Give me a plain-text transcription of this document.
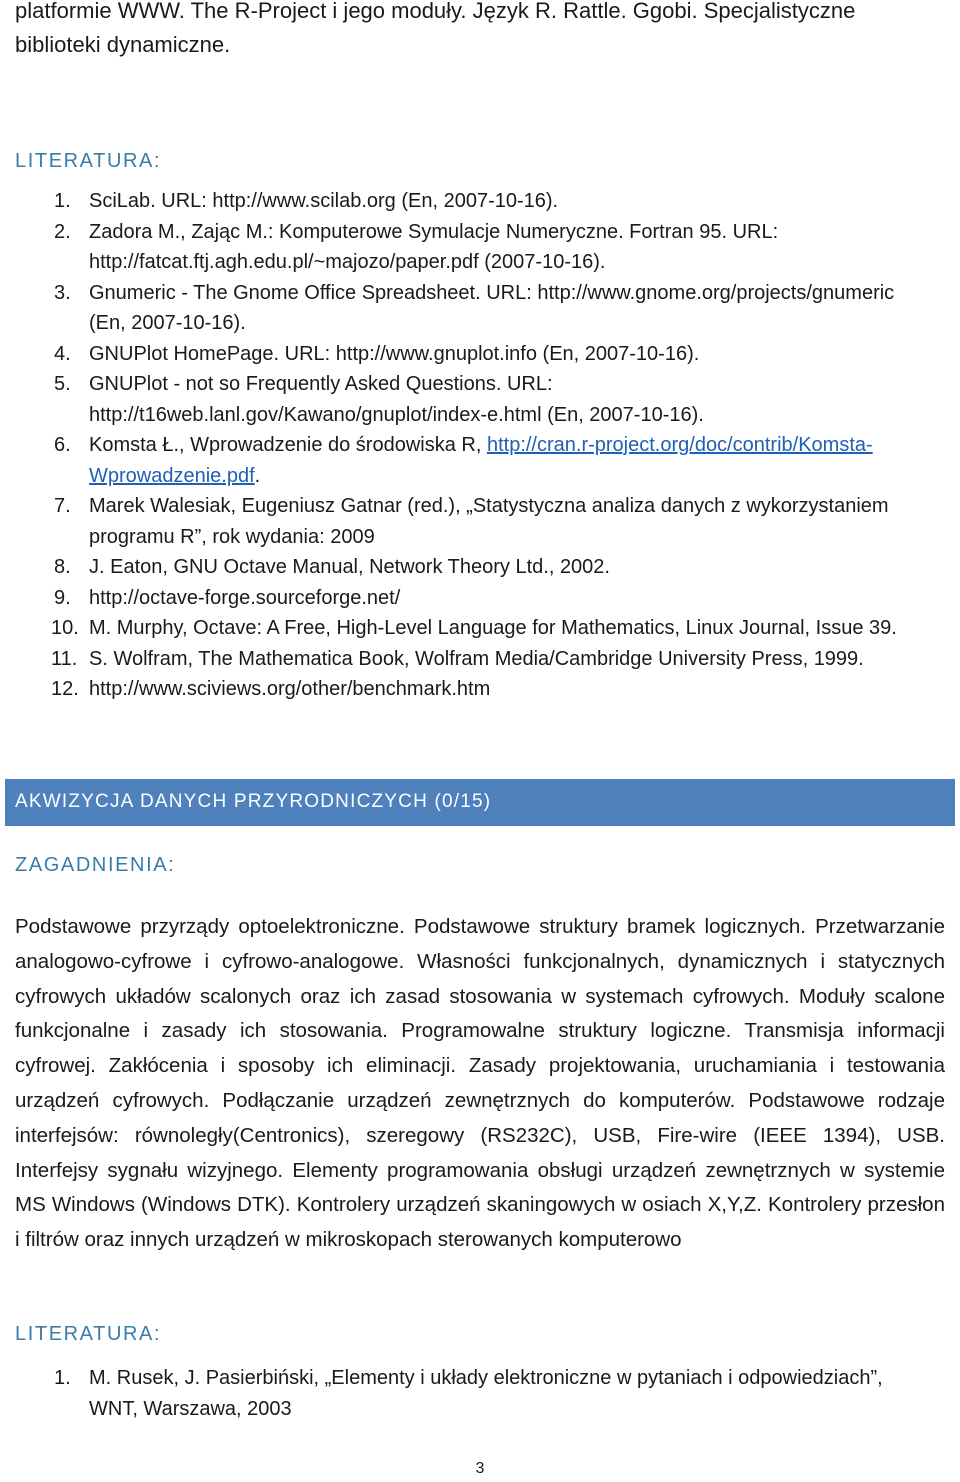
platformie WWW. The R-Project i jego moduły. Język R. Rattle. Ggobi. Specjalistyczne biblioteki dynamiczne.
LITERATURA:
1. SciLab. URL: http://www.scilab.org (En, 2007-10-16).
2. Zadora M., Zając M.: Komputerowe Symulacje Numeryczne. Fortran 95. URL: http://fatcat.ftj.agh.edu.pl/~majozo/paper.pdf (2007-10-16).
3. Gnumeric - The Gnome Office Spreadsheet. URL: http://www.gnome.org/projects/gnumeric (En, 2007-10-16).
4. GNUPlot HomePage. URL: http://www.gnuplot.info (En, 2007-10-16).
5. GNUPlot - not so Frequently Asked Questions. URL: http://t16web.lanl.gov/Kawano/gnuplot/index-e.html (En, 2007-10-16).
6. Komsta Ł., Wprowadzenie do środowiska R, http://cran.r-project.org/doc/contrib/Komsta-Wprowadzenie.pdf.
7. Marek Walesiak, Eugeniusz Gatnar (red.), „Statystyczna analiza danych z wykorzystaniem programu R”, rok wydania: 2009
8. J. Eaton, GNU Octave Manual, Network Theory Ltd., 2002.
9. http://octave-forge.sourceforge.net/
10. M. Murphy, Octave: A Free, High-Level Language for Mathematics, Linux Journal, Issue 39.
11. S. Wolfram, The Mathematica Book, Wolfram Media/Cambridge University Press, 1999.
12. http://www.sciviews.org/other/benchmark.htm
AKWIZYCJA DANYCH PRZYRODNICZYCH (0/15)
ZAGADNIENIA:

Podstawowe przyrządy optoelektroniczne. Podstawowe struktury bramek logicznych. Przetwarzanie analogowo-cyfrowe i cyfrowo-analogowe. Własności funkcjonalnych, dynamicznych i statycznych cyfrowych układów scalonych oraz ich zasad stosowania w systemach cyfrowych. Moduły scalone funkcjonalne i zasady ich stosowania. Programowalne struktury logiczne. Transmisja informacji cyfrowej. Zakłócenia i sposoby ich eliminacji. Zasady projektowania, uruchamiania i testowania urządzeń cyfrowych. Podłączanie urządzeń zewnętrznych do komputerów. Podstawowe rodzaje interfejsów: równoległy(Centronics), szeregowy (RS232C), USB, Fire-wire (IEEE 1394), USB. Interfejsy sygnału wizyjnego. Elementy programowania obsługi urządzeń zewnętrznych w systemie MS Windows (Windows DTK). Kontrolery urządzeń skaningowych w osiach X,Y,Z. Kontrolery przesłon i filtrów oraz innych urządzeń w mikroskopach sterowanych komputerowo

LITERATURA:
1. M. Rusek, J. Pasierbiński, „Elementy i układy elektroniczne w pytaniach i odpowiedziach”, WNT, Warszawa, 2003
3
